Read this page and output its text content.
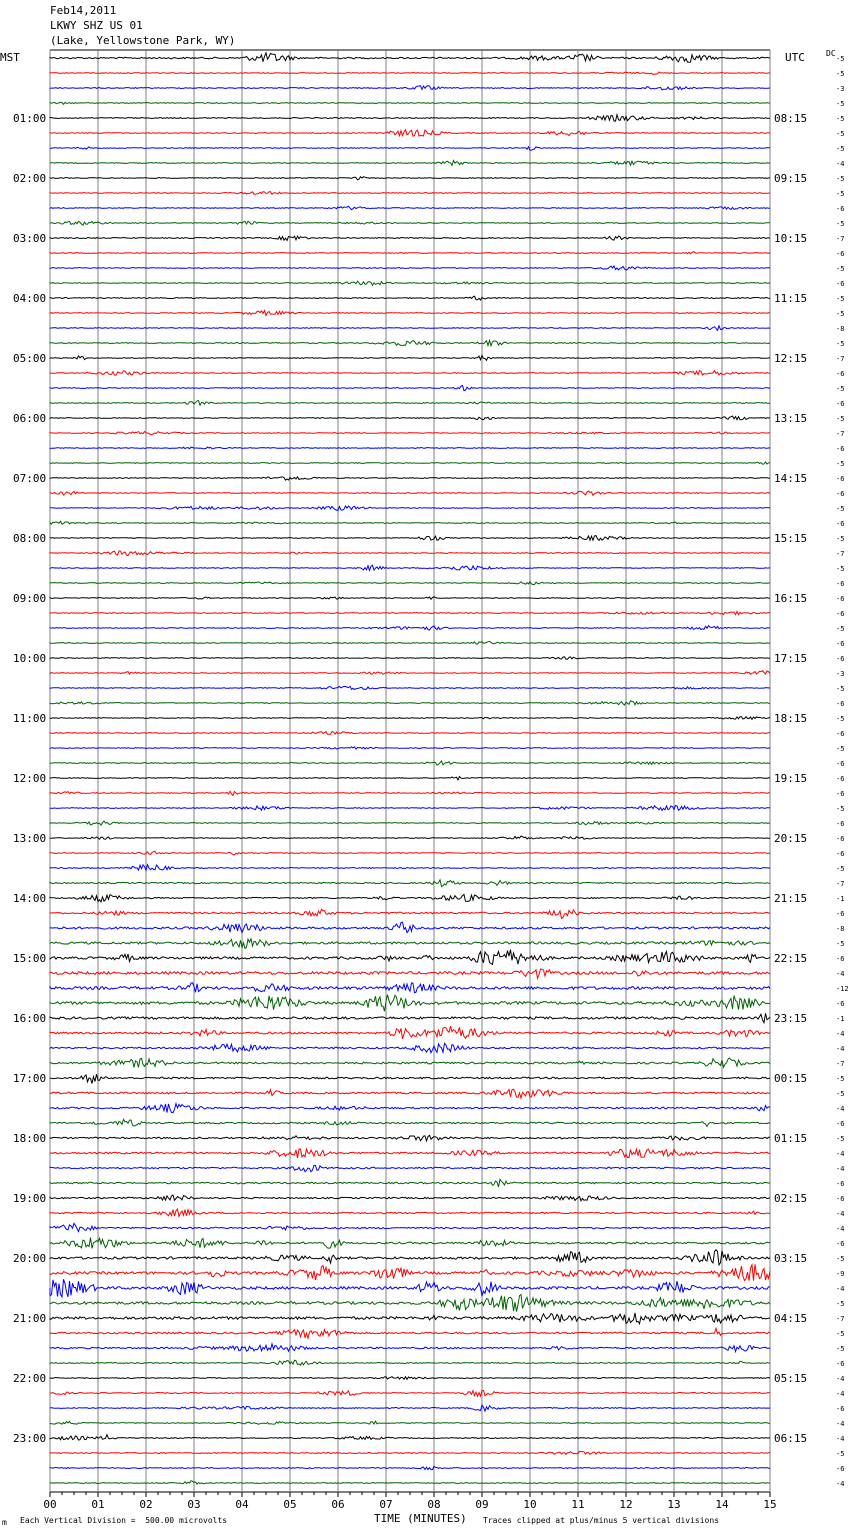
Feb14,2011
LKWY SHZ US 01
(Lake, Yellowstone Park, WY)
MST	UTC	DC
00	01	02	03	04	05	06	07	08	09	10	11	12	13	14	15
-5
-5
-3
-5
-5
-5
-5
-4
-5
-5
-6
-5
-7
-6
-5
-6
-5
-5
-8
-5
-7
-6
-5
-6
-5
-7
-6
-5
-6
-6
-5
-6
-5
-7
-5
-6
-6
-6
-5
-6
-6
-3
-5
-6
-5
-6
-5
-6
-6
-6
-5
-6
-6
-6
-5
-7
-1
-6
-8
-5
-6
-4
-12
-6
-1
-4
-4
-7
-5
-5
-4
-6
-5
-4
-4
-6
-6
-4
-4
-6
-5
-9
-4
-5
-7
-5
-5
-6
-4
-4
-6
-4
-4
-5
-6
-4
01:00
02:00
03:00
04:00
05:00
06:00
07:00
08:00
09:00
10:00
11:00
12:00
13:00
14:00
15:00
16:00
17:00
18:00
19:00
20:00
21:00
22:00
23:00
08:15
09:15
10:15
11:15
12:15
13:15
14:15
15:15
16:15
17:15
18:15
19:15
20:15
21:15
22:15
23:15
00:15
01:15
02:15
03:15
04:15
05:15
06:15
TIME (MINUTES)
Each Vertical Division =  500.00 microvolts	Traces clipped at plus/minus 5 vertical divisions
m
